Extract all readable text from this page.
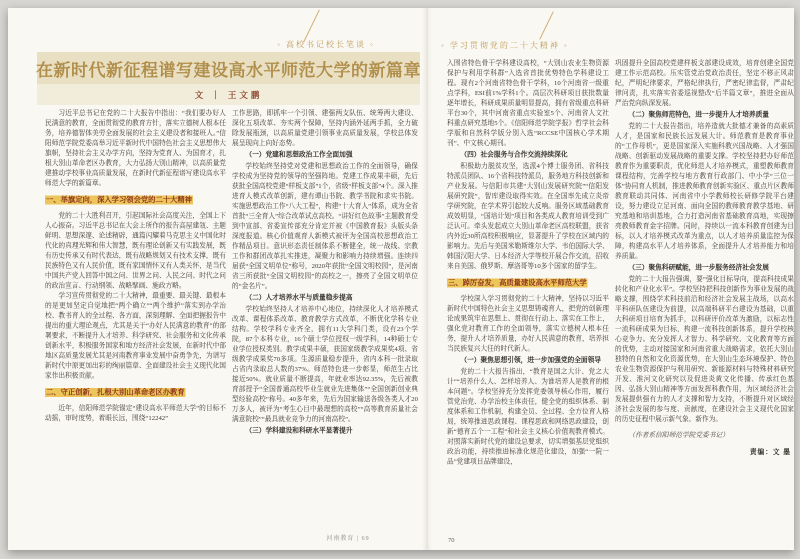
◦ 高校书记校长笔谈 ◦	◦ 学习贯彻党的二十大精神 ◦
在新时代新征程谱写建设高水平师范大学的新篇章
文 ｜ 王文鹏
习近平总书记在党的二十大报告中指出：“我们要办好人民满意的教育，全面贯彻党的教育方针，落实立德树人根本任务，培养德智体美劳全面发展的社会主义建设者和接班人。”信阳师范学院党委高举习近平新时代中国特色社会主义思想伟大旗帜，坚持社会主义办学方向，坚持为党育人、为国育才，扎根大别山革命老区办教育，大力弘扬大别山精神，以高质量党建推动学校事业高质量发展，在新时代新征程谱写建设高水平师范大学的新篇章。
一、举旗定向，深入学习领会党的二十大精神
党的二十大胜利召开，引起国际社会高度关注，全国上下人心振奋。习近平总书记在大会上所作的报告高屋建瓴、主题鲜明、思想深邃、论述精辟，通篇闪耀着马克思主义中国化时代化的真理光辉和伟大智慧，既有理论创新又有实践发展，既有历史传承又有时代表达，既有战略规划又有技术支撑，既有民族特色又有人民价值，既有家国情怀又有人类关怀，是当代中国共产党人回答中国之问、世界之问、人民之问、时代之问的政治宣言、行动纲领、战略擘画、施政方略。
学习宣传贯彻党的二十大精神，最重要、最关键、最根本的是更加坚定自觉地把“两个确立”“两个维护”落实到办学治校、教书育人的全过程、各方面，深刻理解、全面把握报告中提出的重大理论观点，尤其是关于“办好人民满意的教育”的部署要求，不断提升人才培养、科学研究、社会服务和文化传承创新水平，积极服务国家和地方经济社会发展，在新时代中部地区高质量发展尤其是河南教育事业发展中奋勇争先，为谱写新时代中原更加出彩的绚丽篇章、全面建设社会主义现代化国家作出积极贡献。
二、守正创新，扎根大别山革命老区办教育
近年，信阳师范学院锚定“建设高水平师范大学”的目标不动摇，审时度势，着眼长远，围绕“12242”
工作思路，即抓牢一个引领、建强两支队伍、统筹两大建设、深化五项改革、夯实两个保障，坚持内涵外延两手抓，全力破除发展瓶颈，以高质量党建引领事业高质量发展，学校总体发展呈现向上向好态势。
（一）党建和思想政治工作全面加强
学校始终坚持党对党建和思想政治工作的全面领导，确保学校成为坚持党的领导的坚强阵地。党建工作成果丰硕，先后获批全国高校党建“样板支部”1个，省级“样板支部”4个。深入推进育人模式改革创新，建有谭山书院、教学书院和求实书院。实施思想政治工作“八大工程”，构建“十大育人”体系，成为全省首批“三全育人”综合改革试点高校。“讲好红色故事”主题教育受到中宣部、省委宣传部充分肯定并被《中国教育报》头版头条深度报道。核心价值观育人新模式被评为全国高校思想政治工作精品项目。意识形态责任制体系不断健全，统一战线、宗教工作和群团改革扎实推进，凝聚力和影响力持续增强。连续四届获“全国文明单位”称号，2020年获批“全国文明校园”，是河南省三所获批“全国文明校园”的高校之一，擦亮了全国文明单位的“金名片”。
（二）人才培养水平与质量稳步提高
学校始终坚持人才培养中心地位，持续深化人才培养模式改革、课程体系改革、教育教学方式改革，不断优化学科专业结构。学校学科专业齐全，拥有11大学科门类，设有23个学院，87个本科专业，16个硕士学位授权一级学科，14种硕士专业学位授权类别。教学成果丰硕，获国家级教学成果奖4项、省级教学成果奖70多项。生源质量稳步提升，省内本科一批录取占省内录取总人数的37%。师范特色进一步彰显，师范生占比接近50%。就业质量不断提高，年就业率达92.35%，先后被教育部授予“全国普通高校毕业生就业先进集体”“全国创新创业典型经验高校”称号。40多年来，先后为国家输送各级各类人才20万多人，被评为“考生心目中最理想的高校”“高等教育质量社会满意院校”“最具就业竞争力的河南高校”。
（三）学科建设和科研水平显著提升
入围省特色骨干学科建设高校，“大别山农业生物资源保护与利用学科群”入选省首批优势特色学科建设工程。现有2个河南省特色骨干学科，10个河南省一级重点学科，ESI前1%学科1个。高层次科研项目获批数量逐年增长，科研成果质量明显提高，拥有省级重点科研平台30个，其中河南省重点实验室5个、河南省人文社科重点研究基地5个。《信阳师范学院学报》哲学社会科学版和自然科学版分别入选“RCCSE中国核心学术期刊”、中文核心期刊。
（四）社会服务与合作交流持续深化
积极助力脱贫攻坚，选派4个博士服务团、省科技特派员团队、16个省科技特派员，服务地方科技创新和产业发展。与信阳市共建“大别山发展研究院”“信阳发展研究院”，智库建设取得实效。在全国率先成立炎帝学研究院，在学术界引起较大反响。服务区域基础教育成效明显，“国培计划”项目和各类成人教育培训受到广泛认可。牵头发起成立大别山革命老区高校联盟，获省内外近30所高校积极响应，显著提升了学校在区域内的影响力。先后与美国米勒斯维尔大学、韦伯国际大学、韩国汉阳大学、日本经济大学等校开展合作交流，招收来自美国、俄罗斯、摩洛哥等10多个国家的留学生。
三、踔厉奋发，高质量建设高水平师范大学
学校深入学习贯彻党的二十大精神，坚持以习近平新时代中国特色社会主义思想铸魂育人，把党的创新理论成果筑牢在思想上、贯彻在行动上、落实在工作上，强化党对教育工作的全面领导，落实立德树人根本任务，提升人才培养质量，办好人民满意的教育，培养担当民族复兴大任的时代新人。
（一）聚焦思想引领，进一步加强党的全面领导
党的二十大报告指出，“教育是国之大计、党之大计”“培养什么人、怎样培养人、为谁培养人是教育的根本问题”。学校坚持充分发挥党委领导核心作用，履行管党治党、办学治校主体责任，健全党的组织体系、制度体系和工作机制，构建全员、全过程、全方位育人格局，统筹推进思政课程、课程思政和网络思政建设，创新“德育五个一工程”和社会主义核心价值观教育模式。对照落实新时代党的建设总要求，切实增强基层党组织政治功能，持续推进标准化规范化建设，加强“一院一品”党建项目品牌建设，
巩固提升全国高校党建样板支部建设成效，培育创建全国党建工作示范高校。压实管党治党政治责任，坚定不移正风肃纪，严明纪律要求，严格纪律执行，严密纪律监督，严肃纪律问责，扎实落实省委巡视整改“后半篇文章”，推进全面从严治党向纵深发展。
（二）聚焦师范特色，进一步提升人才培养质量
党的二十大报告指出，培养造就大批德才兼备的高素质人才，是国家和民族长远发展大计。师范教育是教育事业的“工作母机”，更是国家深入实施科教兴国战略、人才强国战略、创新驱动发展战略的重要支撑。学校坚持把办好师范教育作为重要职责，优化师范人才培养模式，重塑教师教育课程结构，完善学校与地方教育行政部门、中小学“三位一体”协同育人机制，推进教师教育创新实验区、重点片区教师教育联动共同体、河南省中小学教师校长研修学院平台建设，努力建设立足河南、面向全国的教师教育教学基地、研究基地和培训基地，合力打造河南省基础教育高地，实现擦亮教师教育金字招牌。同时，持续以一流本科教育创建为目标，以人才培养模式改革为重点，以人才培养质量监控为保障，构建高水平人才培养体系，全面提升人才培养能力和培养质量。
（三）聚焦科研赋能，进一步服务经济社会发展
党的二十大报告强调，要“强化目标导向，提高科技成果转化和产业化水平”。学校坚持把科技创新作为事业发展的战略支撑，围绕学术科技前沿和经济社会发展主战场，以高水平科研队伍建设为前提，以高端科研平台建设为基础，以重大科研项目培育为抓手，以科研评价改革为激励，以标志性一流科研成果为目标，构建一流科技创新体系，提升学校核心竞争力。充分发挥人才智力、科学研究、文化教育等方面的优势，主动对接国家和河南省重大战略需求，依托大别山独特的自然和文化资源优势，在大别山生态环境保护、特色农业生物资源保护与利用研究、新能源材料与特殊材料研究开发、淮河文化研究以及促进炎黄文化传播、传承红色基因、弘扬大别山精神等方面发挥科教作用，为区域经济社会发展提供强有力的人才支撑和智力支持，不断提升对区域经济社会发展的参与度、贡献度，在建设社会主义现代化国家的历史征程中展示新气象、新作为。
（作者系信阳师范学院党委书记）
责编：文 墨
河南教育 | 69	70
